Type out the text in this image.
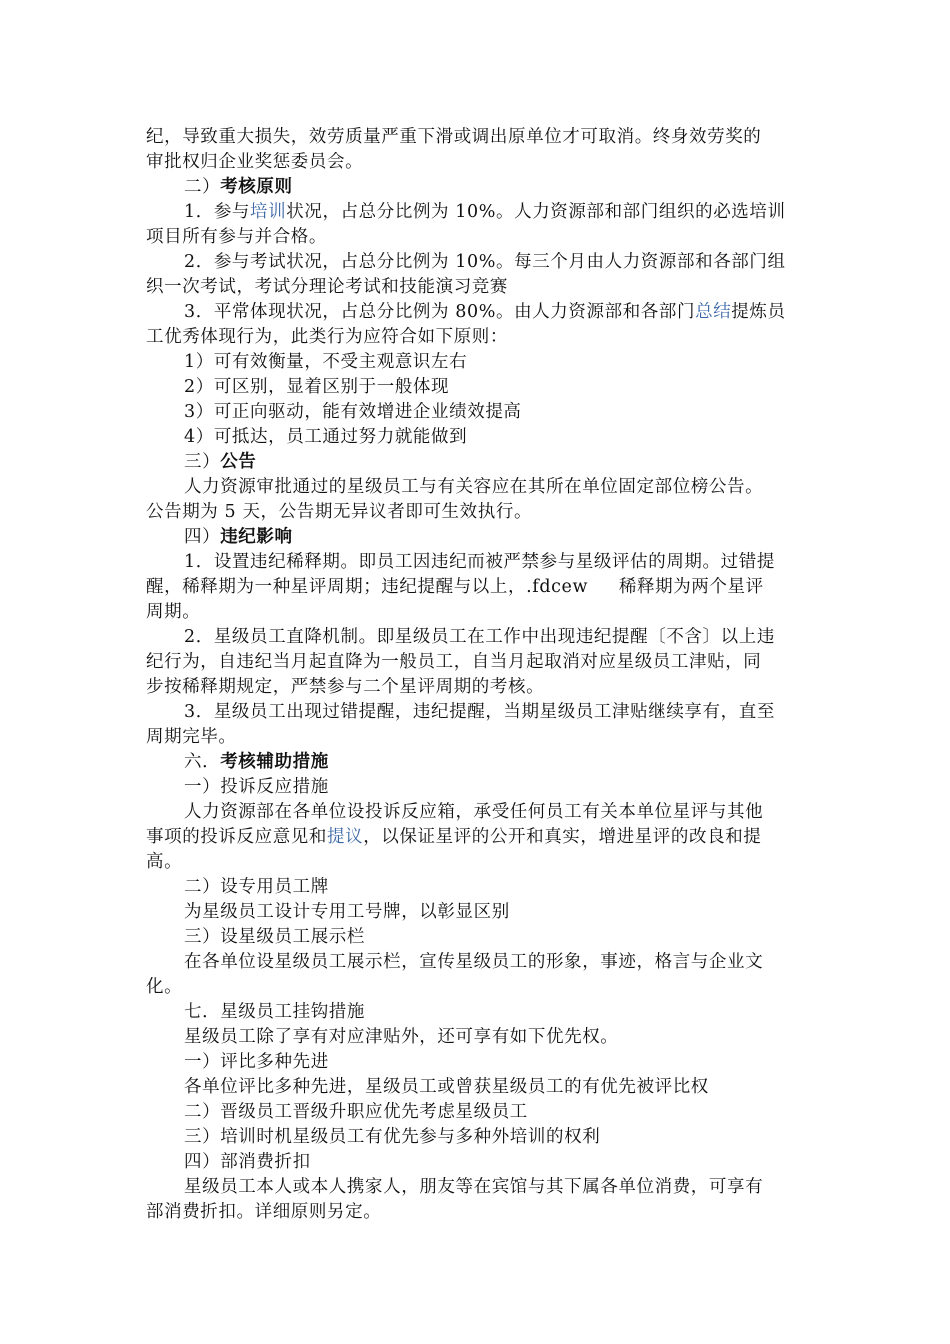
纪，导致重大损失，效劳质量严重下滑或调出原单位才可取消。终身效劳奖的
审批权归企业奖惩委员会。
二）考核原则
1．参与培训状况，占总分比例为 10%。人力资源部和部门组织的必选培训
项目所有参与并合格。
2．参与考试状况，占总分比例为 10%。每三个月由人力资源部和各部门组
织一次考试，考试分理论考试和技能演习竞赛
3．平常体现状况，占总分比例为 80%。由人力资源部和各部门总结提炼员
工优秀体现行为，此类行为应符合如下原则：
1）可有效衡量，不受主观意识左右
2）可区别，显着区别于一般体现
3）可正向驱动，能有效增进企业绩效提高
4）可抵达，员工通过努力就能做到
三）公告
人力资源审批通过的星级员工与有关容应在其所在单位固定部位榜公告。
公告期为 5 天，公告期无异议者即可生效执行。
四）违纪影响
1．设置违纪稀释期。即员工因违纪而被严禁参与星级评估的周期。过错提
醒，稀释期为一种星评周期；违纪提醒与以上，.fdcew     稀释期为两个星评
周期。
2．星级员工直降机制。即星级员工在工作中出现违纪提醒〔不含〕以上违
纪行为，自违纪当月起直降为一般员工，自当月起取消对应星级员工津贴，同
步按稀释期规定，严禁参与二个星评周期的考核。
3．星级员工出现过错提醒，违纪提醒，当期星级员工津贴继续享有，直至
周期完毕。
六．考核辅助措施
一）投诉反应措施
人力资源部在各单位设投诉反应箱，承受任何员工有关本单位星评与其他
事项的投诉反应意见和提议，以保证星评的公开和真实，增进星评的改良和提
高。
二）设专用员工牌
为星级员工设计专用工号牌，以彰显区别
三）设星级员工展示栏
在各单位设星级员工展示栏，宣传星级员工的形象，事迹，格言与企业文
化。
七．星级员工挂钩措施
星级员工除了享有对应津贴外，还可享有如下优先权。
一）评比多种先进
各单位评比多种先进，星级员工或曾获星级员工的有优先被评比权
二）晋级员工晋级升职应优先考虑星级员工
三）培训时机星级员工有优先参与多种外培训的权利
四）部消费折扣
星级员工本人或本人携家人，朋友等在宾馆与其下属各单位消费，可享有
部消费折扣。详细原则另定。
